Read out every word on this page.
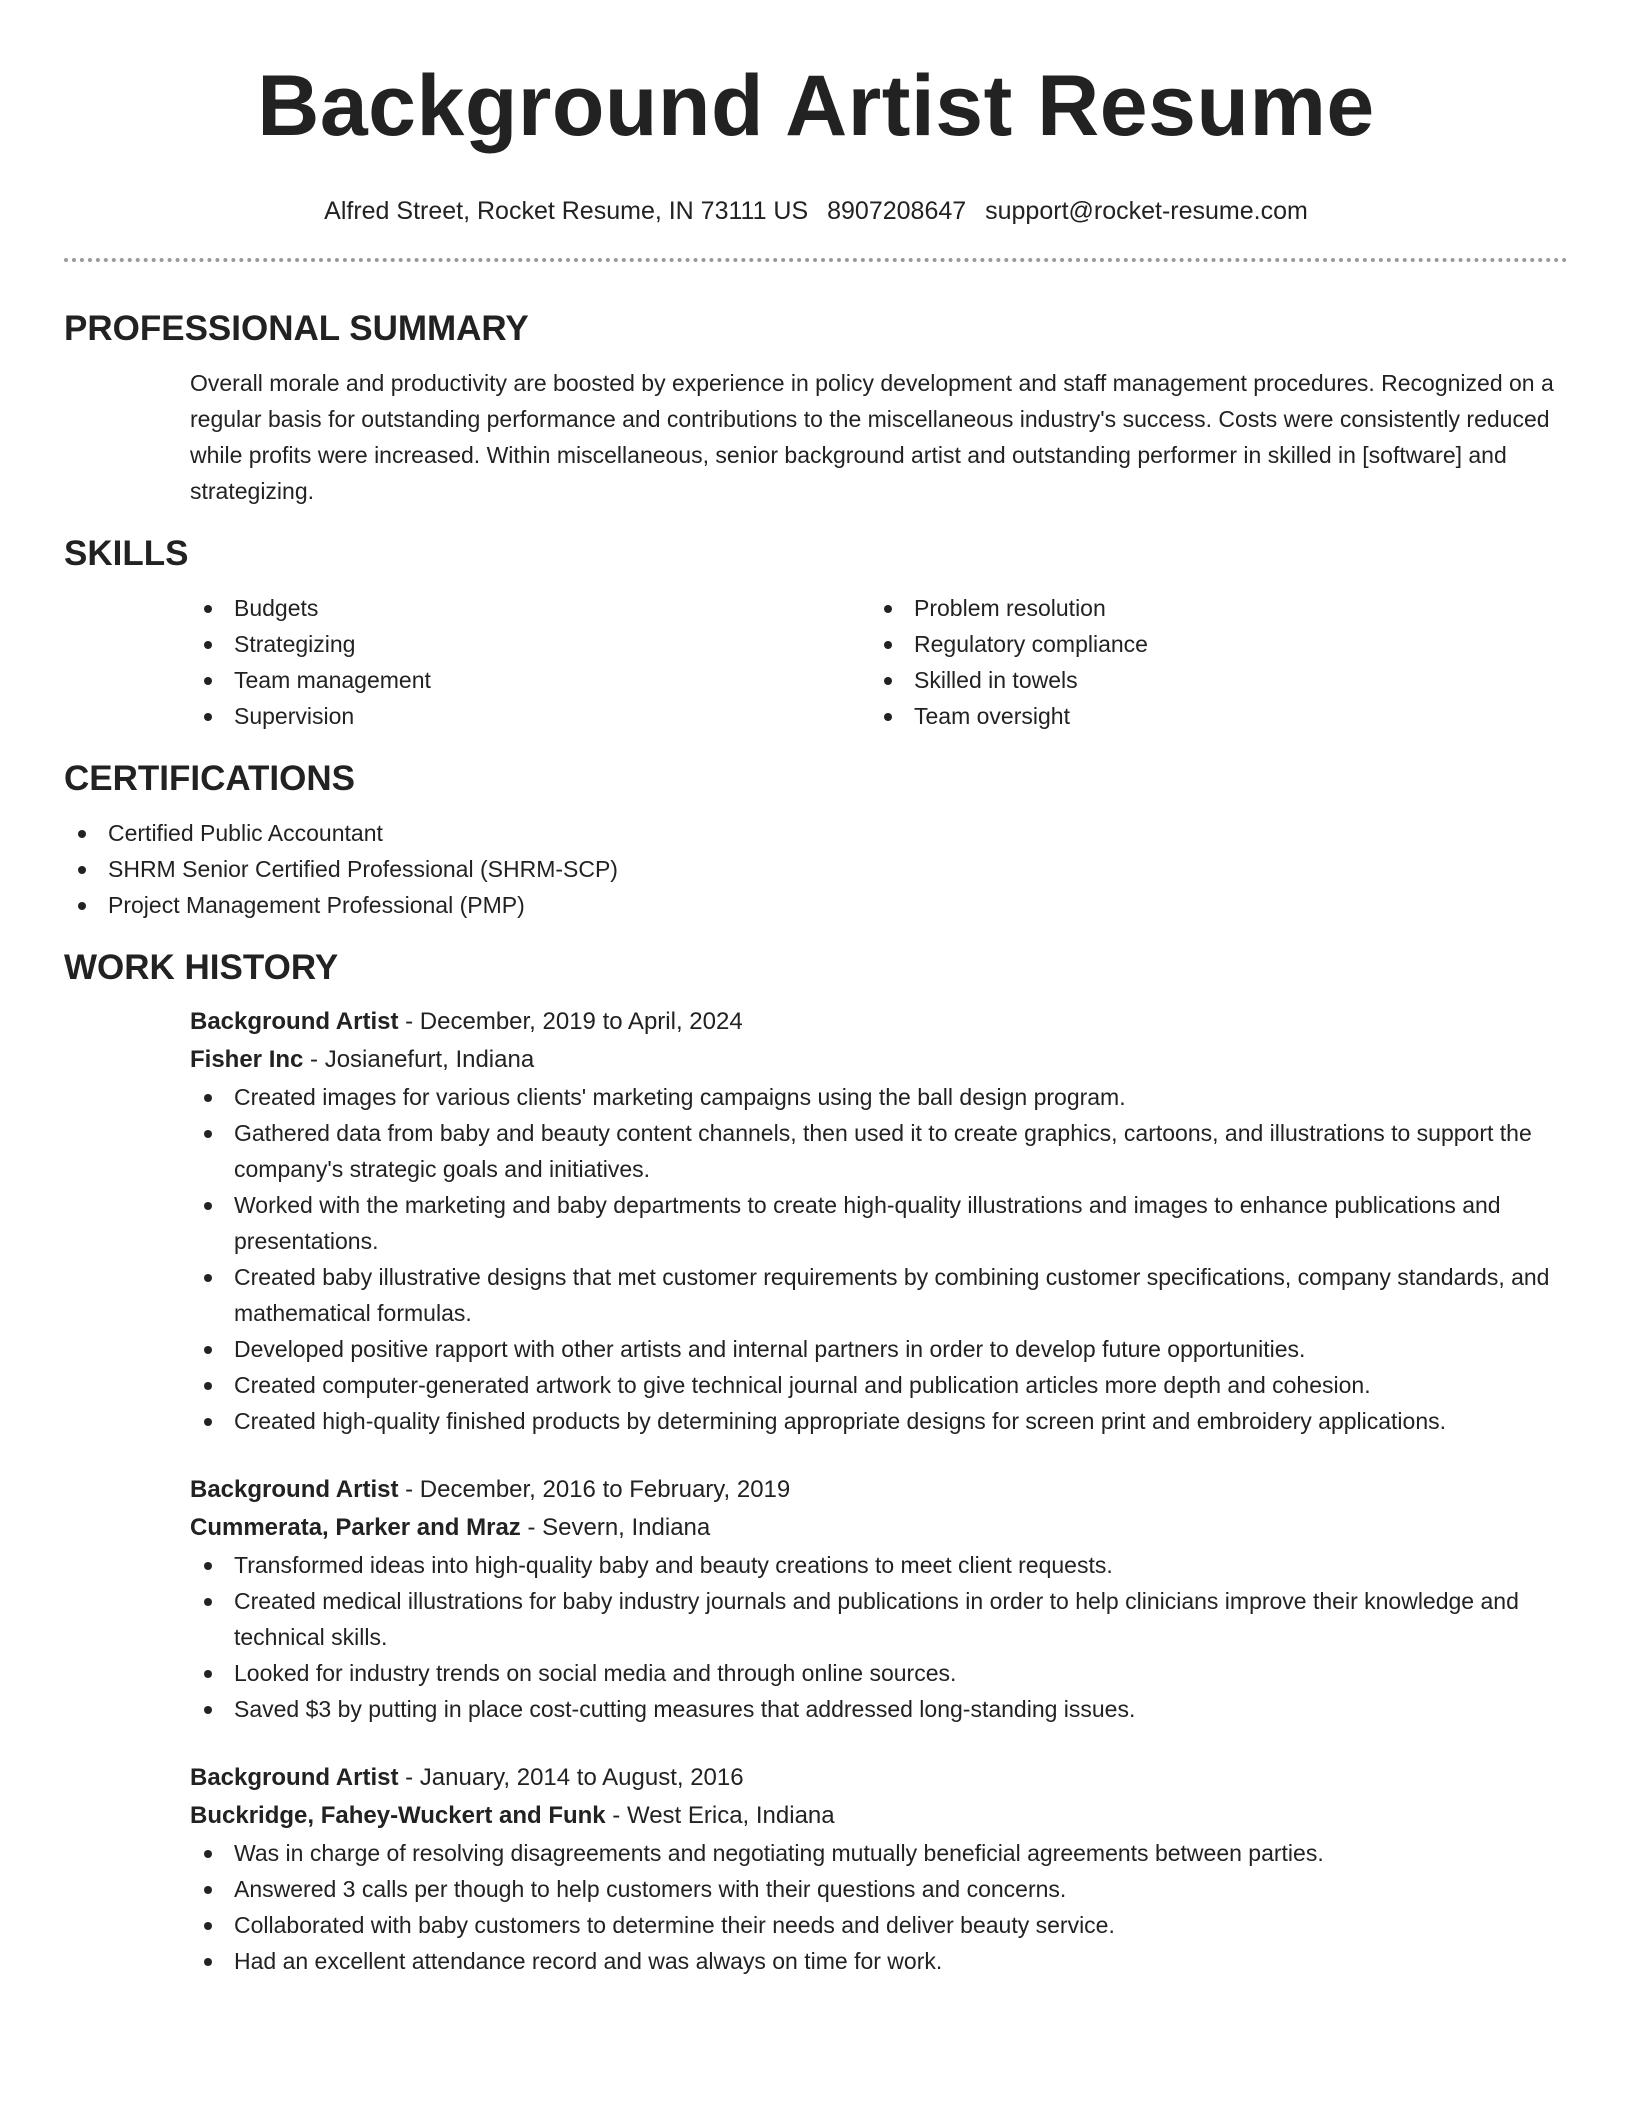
Background Artist Resume
Alfred Street, Rocket Resume, IN 73111 US 8907208647 support@rocket-resume.com
PROFESSIONAL SUMMARY
Overall morale and productivity are boosted by experience in policy development and staff management procedures. Recognized on a regular basis for outstanding performance and contributions to the miscellaneous industry's success. Costs were consistently reduced while profits were increased. Within miscellaneous, senior background artist and outstanding performer in skilled in [software] and strategizing.
SKILLS
Budgets
Strategizing
Team management
Supervision
Problem resolution
Regulatory compliance
Skilled in towels
Team oversight
CERTIFICATIONS
Certified Public Accountant
SHRM Senior Certified Professional (SHRM-SCP)
Project Management Professional (PMP)
WORK HISTORY
Background Artist - December, 2019 to April, 2024
Fisher Inc - Josianefurt, Indiana
Created images for various clients' marketing campaigns using the ball design program.
Gathered data from baby and beauty content channels, then used it to create graphics, cartoons, and illustrations to support the company's strategic goals and initiatives.
Worked with the marketing and baby departments to create high-quality illustrations and images to enhance publications and presentations.
Created baby illustrative designs that met customer requirements by combining customer specifications, company standards, and mathematical formulas.
Developed positive rapport with other artists and internal partners in order to develop future opportunities.
Created computer-generated artwork to give technical journal and publication articles more depth and cohesion.
Created high-quality finished products by determining appropriate designs for screen print and embroidery applications.
Background Artist - December, 2016 to February, 2019
Cummerata, Parker and Mraz - Severn, Indiana
Transformed ideas into high-quality baby and beauty creations to meet client requests.
Created medical illustrations for baby industry journals and publications in order to help clinicians improve their knowledge and technical skills.
Looked for industry trends on social media and through online sources.
Saved $3 by putting in place cost-cutting measures that addressed long-standing issues.
Background Artist - January, 2014 to August, 2016
Buckridge, Fahey-Wuckert and Funk - West Erica, Indiana
Was in charge of resolving disagreements and negotiating mutually beneficial agreements between parties.
Answered 3 calls per though to help customers with their questions and concerns.
Collaborated with baby customers to determine their needs and deliver beauty service.
Had an excellent attendance record and was always on time for work.
